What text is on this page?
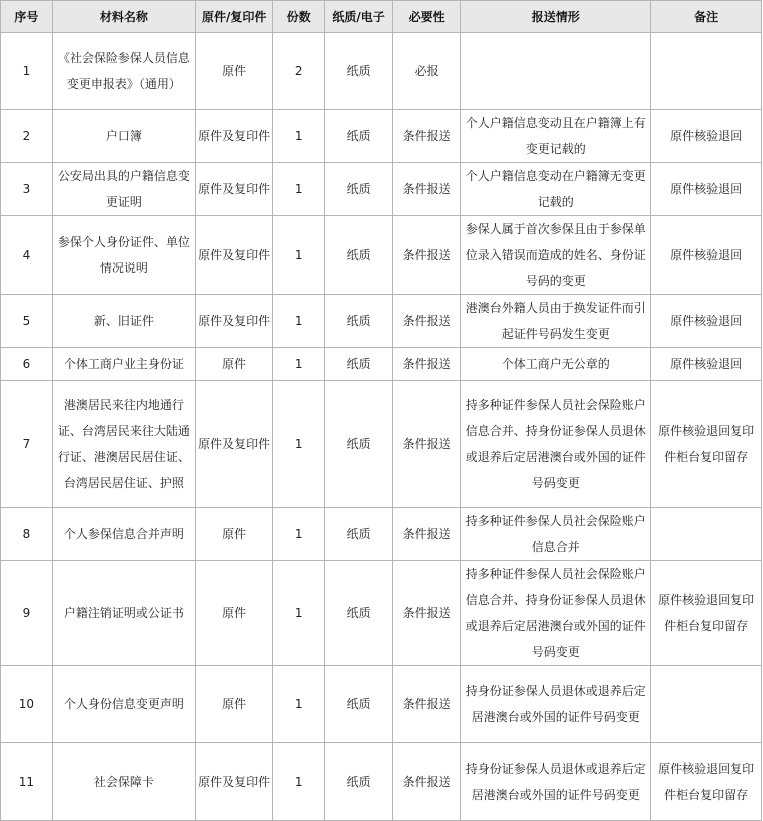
序号	材料名称	原件/复印件	份数	纸质/电子	必要性	报送情形	备注
1	《社会保险参保人员信息变更申报表》（通用）	原件	2	纸质	必报		
2	户口簿	原件及复印件	1	纸质	条件报送	个人户籍信息变动且在户籍簿上有变更记载的	原件核验退回
3	公安局出具的户籍信息变更证明	原件及复印件	1	纸质	条件报送	个人户籍信息变动在户籍簿无变更记载的	原件核验退回
4	参保个人身份证件、单位情况说明	原件及复印件	1	纸质	条件报送	参保人属于首次参保且由于参保单位录入错误而造成的姓名、身份证号码的变更	原件核验退回
5	新、旧证件	原件及复印件	1	纸质	条件报送	港澳台外籍人员由于换发证件而引起证件号码发生变更	原件核验退回
6	个体工商户业主身份证	原件	1	纸质	条件报送	个体工商户无公章的	原件核验退回
7	港澳居民来往内地通行证、台湾居民来往大陆通行证、港澳居民居住证、台湾居民居住证、护照	原件及复印件	1	纸质	条件报送	持多种证件参保人员社会保险账户信息合并、持身份证参保人员退休或退养后定居港澳台或外国的证件号码变更	原件核验退回复印件柜台复印留存

8	个人参保信息合并声明	原件	1	纸质	条件报送	持多种证件参保人员社会保险账户信息合并	
9	户籍注销证明或公证书	原件	1	纸质	条件报送	持多种证件参保人员社会保险账户信息合并、持身份证参保人员退休或退养后定居港澳台或外国的证件号码变更	原件核验退回复印件柜台复印留存

10	个人身份信息变更声明	原件	1	纸质	条件报送	持身份证参保人员退休或退养后定居港澳台或外国的证件号码变更	
11	社会保障卡	原件及复印件	1	纸质	条件报送	持身份证参保人员退休或退养后定居港澳台或外国的证件号码变更	原件核验退回复印件柜台复印留存
